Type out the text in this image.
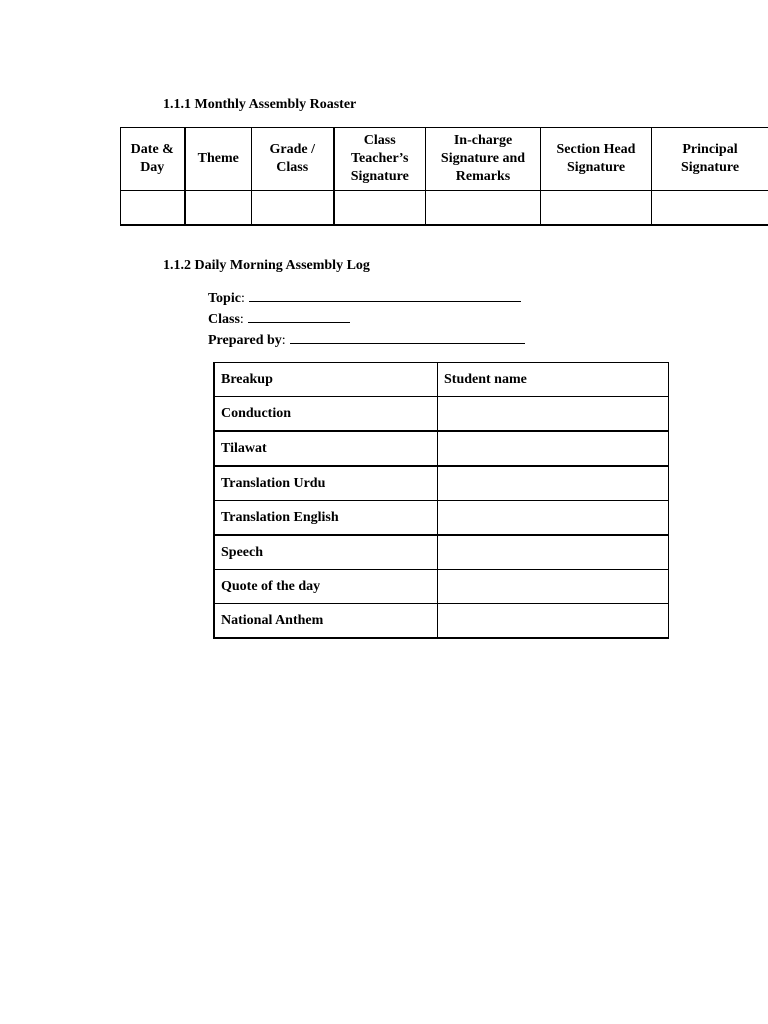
1.1.1 Monthly Assembly Roaster
Date & Day	Theme	Grade / Class	Class Teacher’s Signature	In-charge Signature and Remarks	Section Head Signature	Principal Signature

1.1.2 Daily Morning Assembly Log
Topic:
Class:
Prepared by:
Breakup	Student name
Conduction	
Tilawat	
Translation Urdu	
Translation English	
Speech	
Quote of the day	
National Anthem	
